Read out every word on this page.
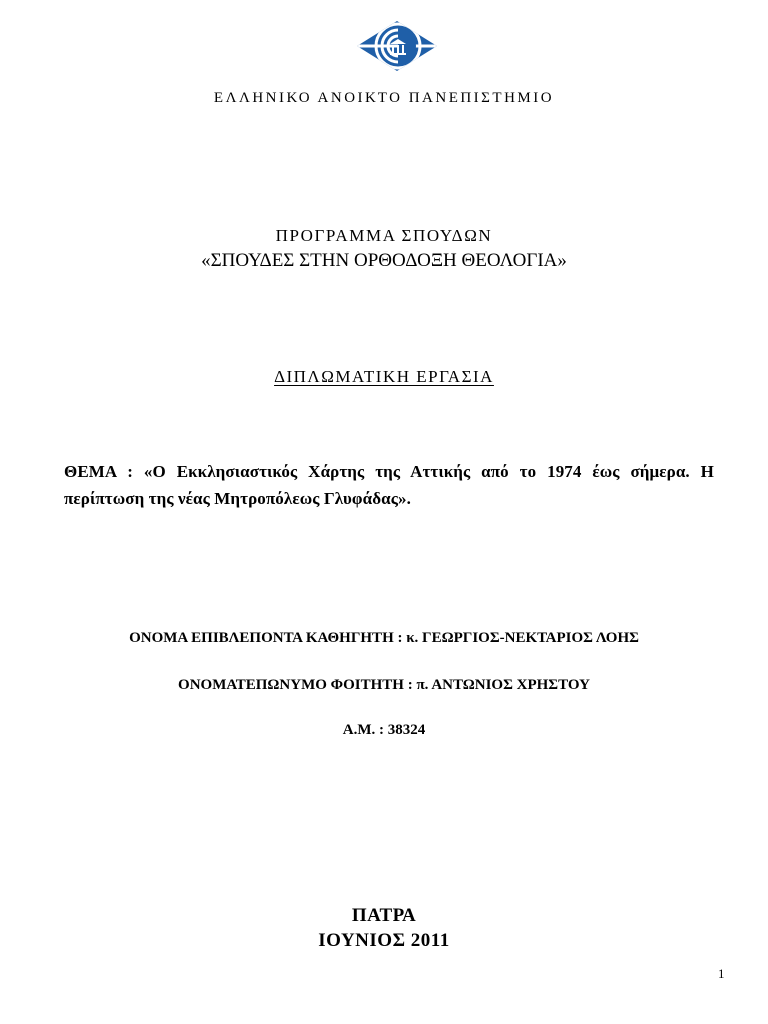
ΕΛΛΗΝΙΚΟ ΑΝΟΙΚΤΟ ΠΑΝΕΠΙΣΤΗΜΙΟ
ΠΡΟΓΡΑΜΜΑ ΣΠΟΥΔΩΝ
«ΣΠΟΥΔΕΣ ΣΤΗΝ ΟΡΘΟΔΟΞΗ ΘΕΟΛΟΓΙΑ»
ΔΙΠΛΩΜΑΤΙΚΗ ΕΡΓΑΣΙΑ
ΘΕΜΑ : «Ο Εκκλησιαστικός Χάρτης της Αττικής από το 1974 έως σήμερα. Η περίπτωση της νέας Μητροπόλεως Γλυφάδας».
ΟΝΟΜΑ ΕΠΙΒΛΕΠΟΝΤΑ ΚΑΘΗΓΗΤΗ : κ. ΓΕΩΡΓΙΟΣ-ΝΕΚΤΑΡΙΟΣ ΛΟΗΣ
ΟΝΟΜΑΤΕΠΩΝΥΜΟ ΦΟΙΤΗΤΗ : π. ΑΝΤΩΝΙΟΣ ΧΡΗΣΤΟΥ
Α.Μ. : 38324
ΠΑΤΡΑ
ΙΟΥΝΙΟΣ 2011
1
